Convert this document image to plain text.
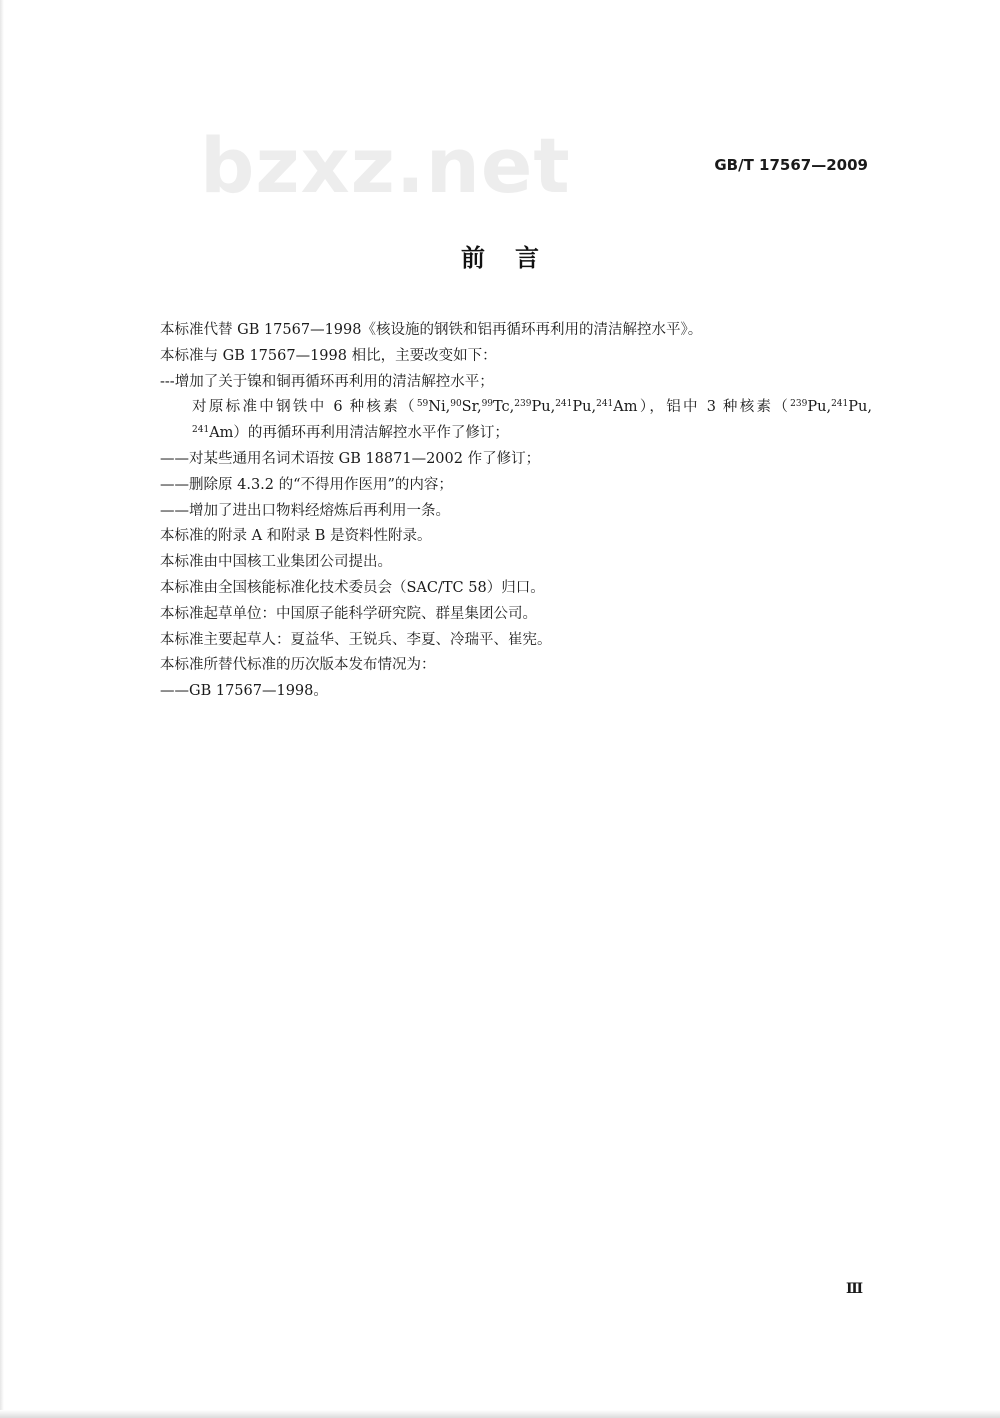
bzxz.net	GB/T 17567—2009
前言
本标准代替 GB 17567—1998《核设施的钢铁和铝再循环再利用的清洁解控水平》。
本标准与 GB 17567—1998 相比，主要改变如下：
---增加了关于镍和铜再循环再利用的清洁解控水平；
对原标准中钢铁中 6 种核素（$^{59}$Ni,$^{90}$Sr,$^{99}$Tc,$^{239}$Pu,$^{241}$Pu,$^{241}$Am），铝中 3 种核素（$^{239}$Pu,$^{241}$Pu,
$^{241}$Am）的再循环再利用清洁解控水平作了修订；
——对某些通用名词术语按 GB 18871—2002 作了修订；
——删除原 4.3.2 的“不得用作医用”的内容；
——增加了进出口物料经熔炼后再利用一条。
本标准的附录 A 和附录 B 是资料性附录。
本标准由中国核工业集团公司提出。
本标准由全国核能标准化技术委员会（SAC/TC 58）归口。
本标准起草单位：中国原子能科学研究院、群星集团公司。
本标准主要起草人：夏益华、王锐兵、李夏、冷瑞平、崔宪。
本标准所替代标准的历次版本发布情况为：
——GB 17567—1998。
Ⅲ
